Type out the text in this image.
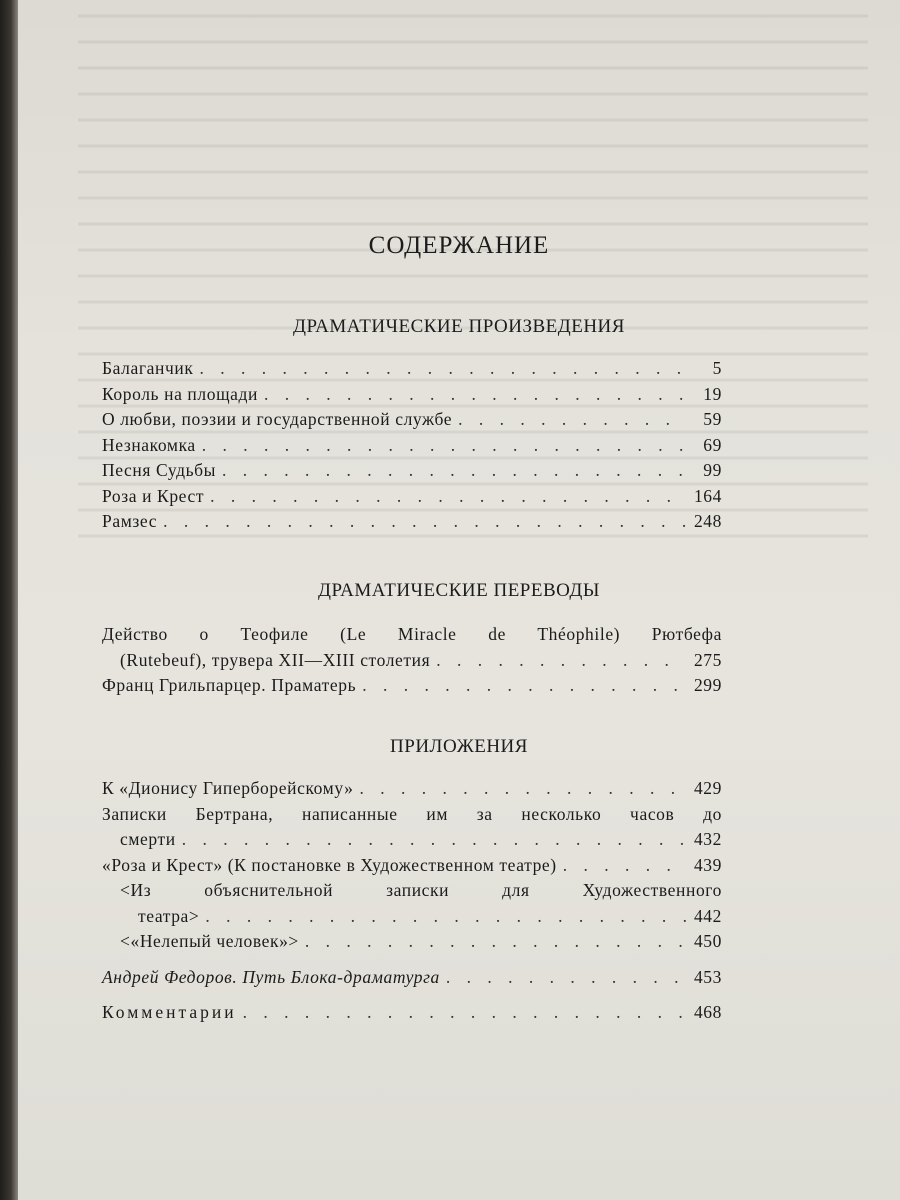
СОДЕРЖАНИЕ
ДРАМАТИЧЕСКИЕ ПРОИЗВЕДЕНИЯ
Балаганчик . . .	5
Король на площади . . .	19
О любви, поэзии и государственной службе . . .	59
Незнакомка . . .	69
Песня Судьбы . . .	99
Роза и Крест . . .	164
Рамзес . . .	248
ДРАМАТИЧЕСКИЕ ПЕРЕВОДЫ
Действо о Теофиле (Le Miracle de Théophile) Рютбефа
(Rutebeuf), трувера XII—XIII столетия . . .	275
Франц Грильпарцер. Праматерь . . .	299
ПРИЛОЖЕНИЯ
К «Дионису Гиперборейскому» . . .	429
Записки Бертрана, написанные им за несколько часов до
смерти . . .	432
«Роза и Крест» (К постановке в Художественном театре) . . .	439
<Из объяснительной записки для Художественного
театра> . . .	442
<«Нелепый человек»> . . .	450
Андрей Федоров. Путь Блока-драматурга . . .	453
Комментарии . . .	468
